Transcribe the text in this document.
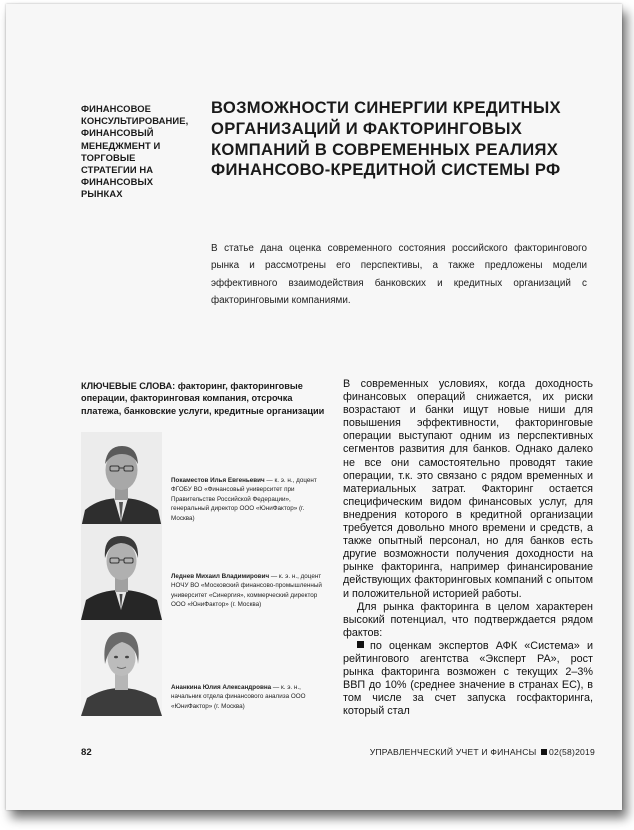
ФИНАНСОВОЕ КОНСУЛЬТИРОВАНИЕ, ФИНАНСОВЫЙ МЕНЕДЖМЕНТ И ТОРГОВЫЕ СТРАТЕГИИ НА ФИНАНСОВЫХ РЫНКАХ
ВОЗМОЖНОСТИ СИНЕРГИИ КРЕДИТНЫХ ОРГАНИЗАЦИЙ И ФАКТОРИНГОВЫХ КОМПАНИЙ В СОВРЕМЕННЫХ РЕАЛИЯХ ФИНАНСОВО-КРЕДИТНОЙ СИСТЕМЫ РФ
В статье дана оценка современного состояния российского факторингового рынка и рассмотрены его перспективы, а также предложены модели эффективного взаимодействия банковских и кредитных организаций с факторинговыми компаниями.
КЛЮЧЕВЫЕ СЛОВА: факторинг, факторинговые операции, факторинговая компания, отсрочка платежа, банковские услуги, кредитные организации
Покаместов Илья Евгеньевич — к. э. н., доцент ФГОБУ ВО «Финансовый университет при Правительстве Российской Федерации», генеральный директор ООО «ЮниФактор» (г. Москва)
Леднев Михаил Владимирович — к. э. н., доцент НОЧУ ВО «Московский финансово-промышленный университет «Синергия», коммерческий директор ООО «ЮниФактор» (г. Москва)
Ананкина Юлия Александровна — к. э. н., начальник отдела финансового анализа ООО «ЮниФактор» (г. Москва)

В современных условиях, когда доходность финансовых операций снижается, их риски возрастают и банки ищут новые ниши для повышения эффективности, факторинговые операции выступают одним из перспективных сегментов развития для банков. Однако далеко не все они самостоятельно проводят такие операции, т.к. это связано с рядом временных и материальных затрат. Факторинг остается специфическим видом финансовых услуг, для внедрения которого в кредитной организации требуется довольно много времени и средств, а также опытный персонал, но для банков есть другие возможности получения доходности на рынке факторинга, например финансирование действующих факторинговых компаний с опытом и положительной историей работы.

Для рынка факторинга в целом характерен высокий потенциал, что подтверждается рядом фактов:

по оценкам экспертов АФК «Система» и рейтингового агентства «Эксперт РА», рост рынка факторинга возможен с текущих 2–3% ВВП до 10% (среднее значение в странах ЕС), в том числе за счет запуска госфакторинга, который стал

82	УПРАВЛЕНЧЕСКИЙ УЧЕТ И ФИНАНСЫ 02(58)2019
